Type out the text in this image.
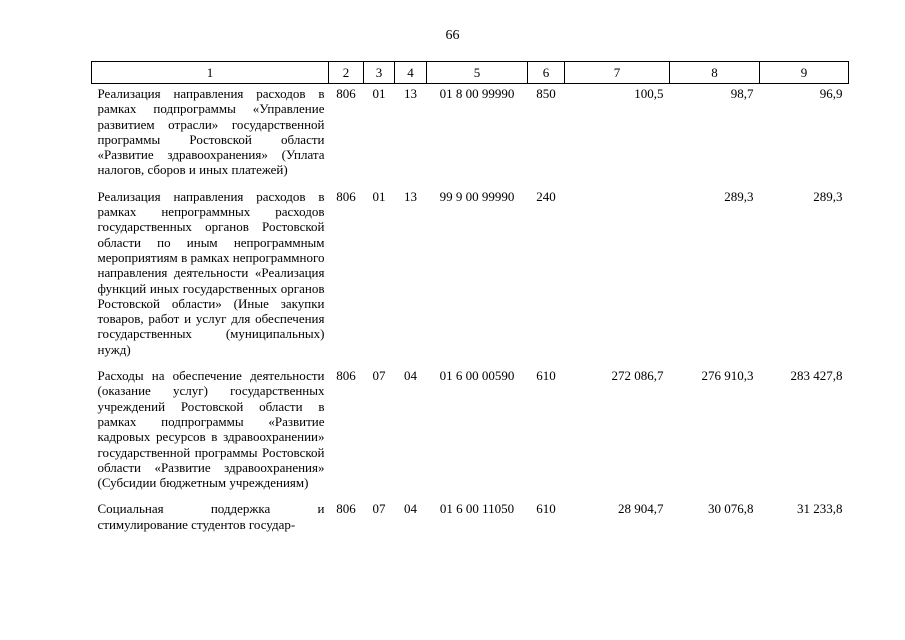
66
1	2	3	4	5	6	7	8	9
Реализация направления расходов в рамках подпрограммы «Управление развитием отрасли» государственной программы Ростовской области «Развитие здравоохранения» (Уплата налогов, сборов и иных платежей)	806	01	13	01 8 00 99990	850	100,5	98,7	96,9

Реализация направления расходов в рамках непрограммных расходов государственных органов Ростовской области по иным непрограммным мероприятиям в рамках непрограммного направления деятельности «Реализация функций иных государственных органов Ростовской области» (Иные закупки товаров, работ и услуг для обеспечения государственных (муниципальных) нужд)	806	01	13	99 9 00 99990	240		289,3	289,3

Расходы на обеспечение деятельности (оказание услуг) государственных учреждений Ростовской области в рамках подпрограммы «Развитие кадровых ресурсов в здравоохранении» государственной программы Ростовской области «Развитие здравоохранения» (Субсидии бюджетным учреждениям)	806	07	04	01 6 00 00590	610	272 086,7	276 910,3	283 427,8

Социальная поддержка и стимулирование студентов государ-	806	07	04	01 6 00 11050	610	28 904,7	30 076,8	31 233,8
